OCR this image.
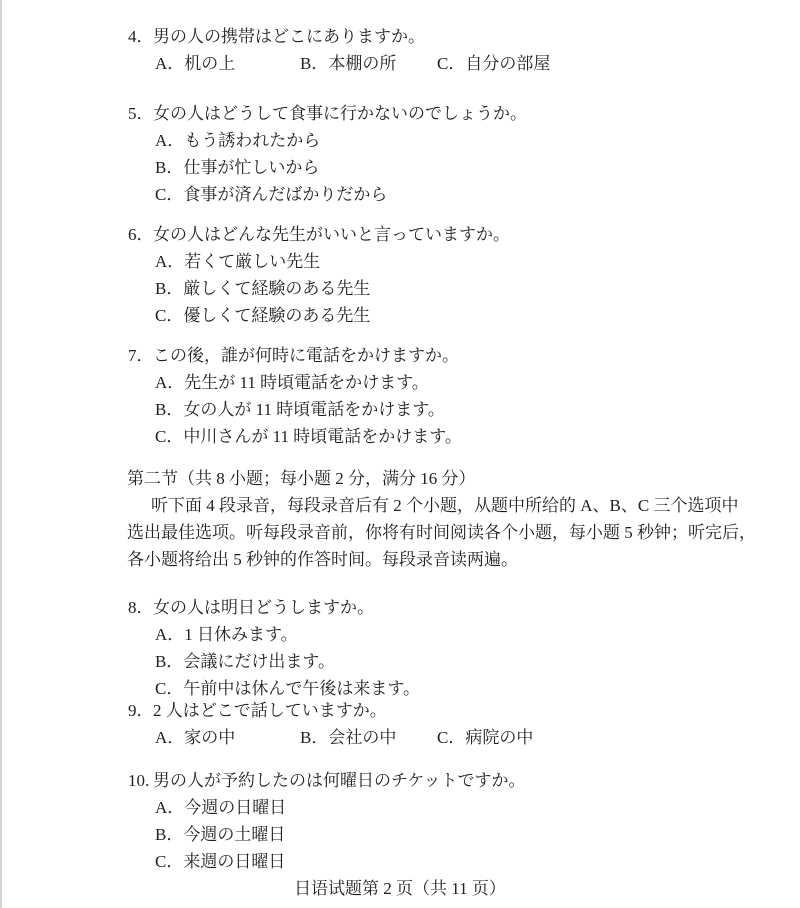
4．男の人の携帯はどこにありますか。
A．机の上	B．本棚の所	C．自分の部屋
5．女の人はどうして食事に行かないのでしょうか。
A．もう誘われたから
B．仕事が忙しいから
C．食事が済んだばかりだから
6．女の人はどんな先生がいいと言っていますか。
A．若くて厳しい先生
B．厳しくて経験のある先生
C．優しくて経験のある先生
7．この後，誰が何時に電話をかけますか。
A．先生が 11 時頃電話をかけます。
B．女の人が 11 時頃電話をかけます。
C．中川さんが 11 時頃電話をかけます。
第二节（共 8 小题；每小题 2 分，满分 16 分）
听下面 4 段录音，每段录音后有 2 个小题，从题中所给的 A、B、C 三个选项中
选出最佳选项。听每段录音前，你将有时间阅读各个小题，每小题 5 秒钟；听完后，
各小题将给出 5 秒钟的作答时间。每段录音读两遍。
8．女の人は明日どうしますか。
A．1 日休みます。
B．会議にだけ出ます。
C．午前中は休んで午後は来ます。
9．2 人はどこで話していますか。
A．家の中	B．会社の中	C．病院の中
10. 男の人が予約したのは何曜日のチケットですか。
A．今週の日曜日
B．今週の土曜日
C．来週の日曜日
日语试题第 2 页（共 11 页）
